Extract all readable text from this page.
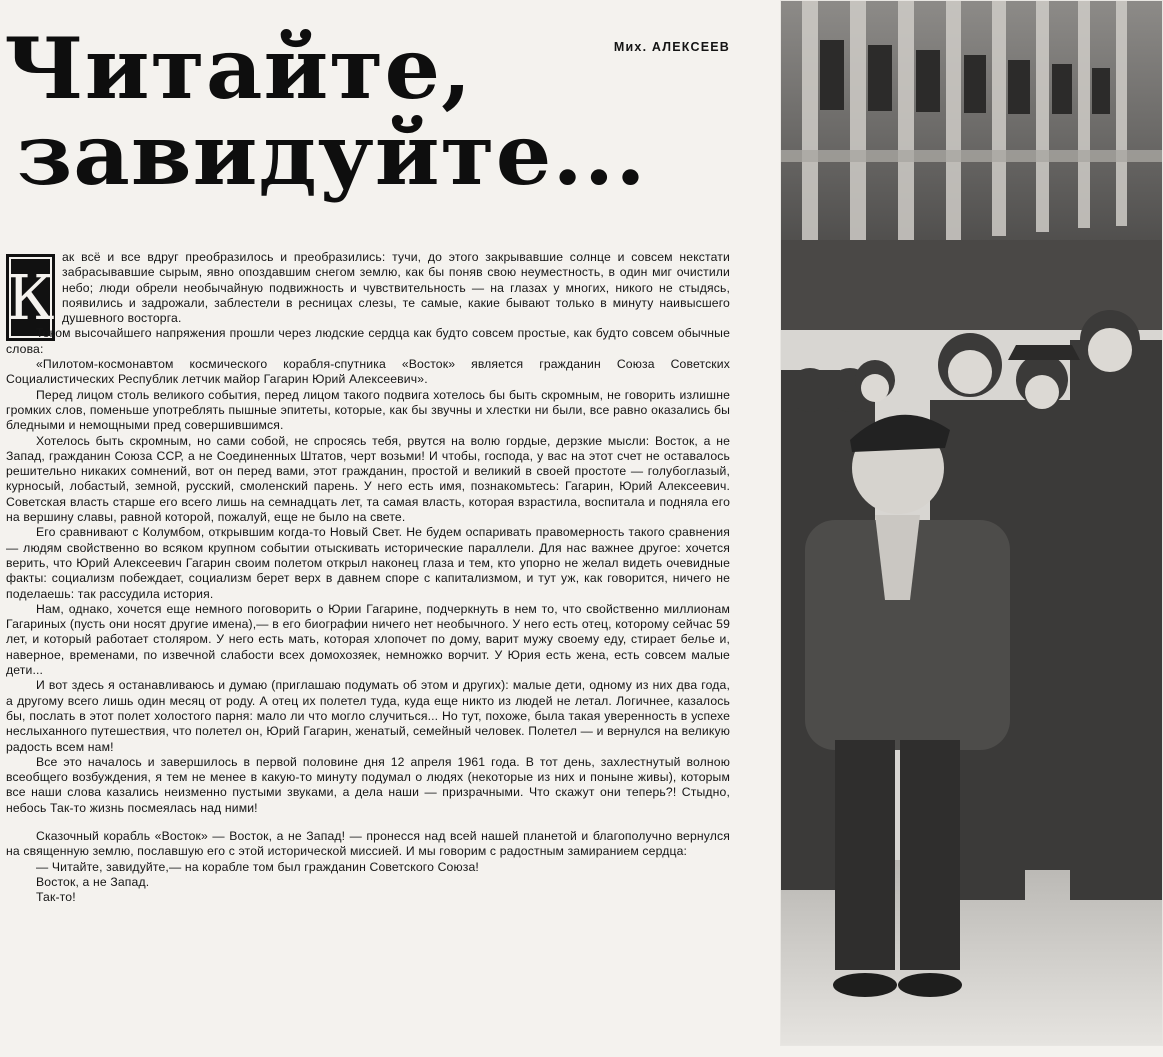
Мих. АЛЕКСЕЕВ
Читайте,
завидуйте...
К

ак всё и все вдруг преобразилось и преобразились: тучи, до этого закрывавшие солнце и совсем некстати забрасывавшие сырым, явно опоздавшим снегом землю, как бы поняв свою неуместность, в один миг очистили небо; люди обрели необычайную подвижность и чувствительность — на глазах у многих, никого не стыдясь, появились и задрожали, заблестели в ресницах слезы, те самые, какие бывают только в минуту наивысшего душевного восторга.

Током высочайшего напряжения прошли через людские сердца как будто совсем простые, как будто совсем обычные слова:

«Пилотом-космонавтом космического корабля-спутника «Восток» является гражданин Союза Советских Социалистических Республик летчик майор Гагарин Юрий Алексеевич».

Перед лицом столь великого события, перед лицом такого подвига хотелось бы быть скромным, не говорить излишне громких слов, поменьше употреблять пышные эпитеты, которые, как бы звучны и хлестки ни были, все равно оказались бы бледными и немощными пред совершившимся.

Хотелось быть скромным, но сами собой, не спросясь тебя, рвутся на волю гордые, дерзкие мысли: Восток, а не Запад, гражданин Союза ССР, а не Соединенных Штатов, черт возьми! И чтобы, господа, у вас на этот счет не оставалось решительно никаких сомнений, вот он перед вами, этот гражданин, простой и великий в своей простоте — голубоглазый, курносый, лобастый, земной, русский, смоленский парень. У него есть имя, познакомьтесь: Гагарин, Юрий Алексеевич. Советская власть старше его всего лишь на семнадцать лет, та самая власть, которая взрастила, воспитала и подняла его на вершину славы, равной которой, пожалуй, еще не было на свете.

Его сравнивают с Колумбом, открывшим когда-то Новый Свет. Не будем оспаривать правомерность такого сравнения — людям свойственно во всяком крупном событии отыскивать исторические параллели. Для нас важнее другое: хочется верить, что Юрий Алексеевич Гагарин своим полетом открыл наконец глаза и тем, кто упорно не желал видеть очевидные факты: социализм побеждает, социализм берет верх в давнем споре с капитализмом, и тут уж, как говорится, ничего не поделаешь: так рассудила история.

Нам, однако, хочется еще немного поговорить о Юрии Гагарине, подчеркнуть в нем то, что свойственно миллионам Гагариных (пусть они носят другие имена),— в его биографии ничего нет необычного. У него есть отец, которому сейчас 59 лет, и который работает столяром. У него есть мать, которая хлопочет по дому, варит мужу своему еду, стирает белье и, наверное, временами, по извечной слабости всех домохозяек, немножко ворчит. У Юрия есть жена, есть совсем малые дети...

И вот здесь я останавливаюсь и думаю (приглашаю подумать об этом и других): малые дети, одному из них два года, а другому всего лишь один месяц от роду. А отец их полетел туда, куда еще никто из людей не летал. Логичнее, казалось бы, послать в этот полет холостого парня: мало ли что могло случиться... Но тут, похоже, была такая уверенность в успехе неслыханного путешествия, что полетел он, Юрий Гагарин, женатый, семейный человек. Полетел — и вернулся на великую радость всем нам!

Все это началось и завершилось в первой половине дня 12 апреля 1961 года. В тот день, захлестнутый волною всеобщего возбуждения, я тем не менее в какую-то минуту подумал о людях (некоторые из них и поныне живы), которым все наши слова казались неизменно пустыми звуками, а дела наши — призрачными. Что скажут они теперь?! Стыдно, небось Так-то жизнь посмеялась над ними!

Сказочный корабль «Восток» — Восток, а не Запад! — пронесся над всей нашей планетой и благополучно вернулся на священную землю, пославшую его с этой исторической миссией. И мы говорим с радостным замиранием сердца:

— Читайте, завидуйте,— на корабле том был гражданин Советского Союза!

Восток, а не Запад.

Так-то!
